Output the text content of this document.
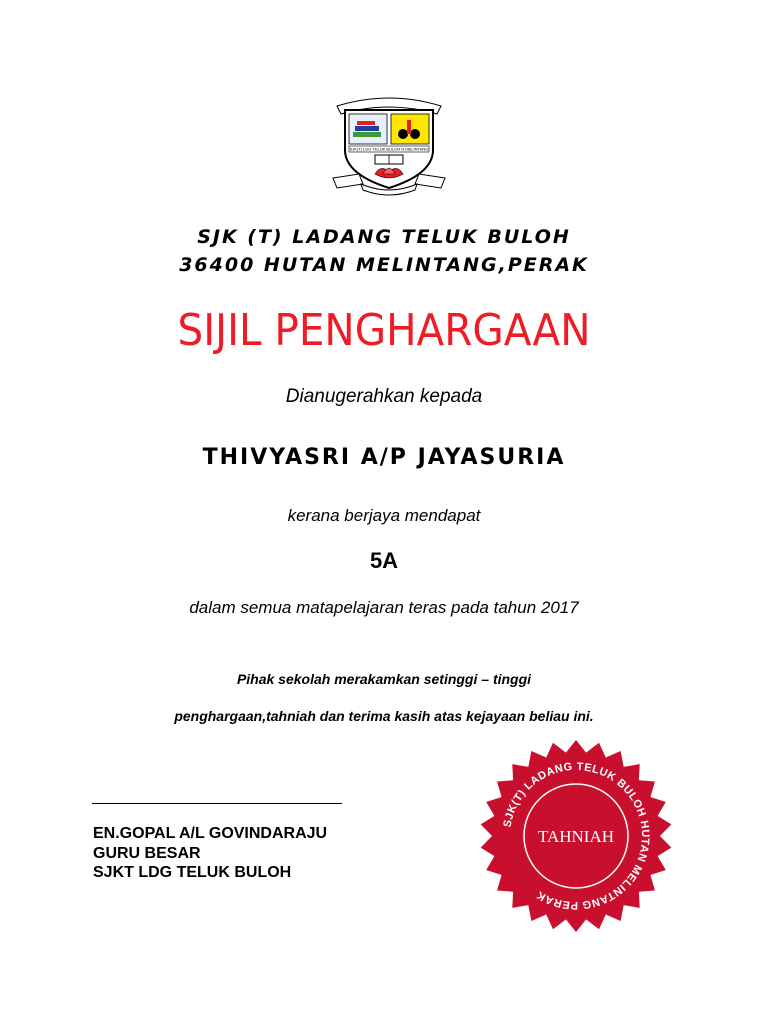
SJK(T) LDG TELUK BULOH H.MELINTANG
SJK (T) LADANG TELUK BULOH
36400 HUTAN MELINTANG,PERAK
SIJIL PENGHARGAAN
Dianugerahkan kepada
THIVYASRI A/P JAYASURIA
kerana berjaya mendapat
5A
dalam semua matapelajaran teras pada tahun 2017
Pihak sekolah merakamkan setinggi – tinggi
penghargaan,tahniah dan terima kasih atas kejayaan beliau ini.
EN.GOPAL A/L GOVINDARAJU
GURU BESAR
SJKT LDG TELUK BULOH
SJK(T) LADANG TELUK BULOH HUTAN MELINTANG PERAK
TAHNIAH
